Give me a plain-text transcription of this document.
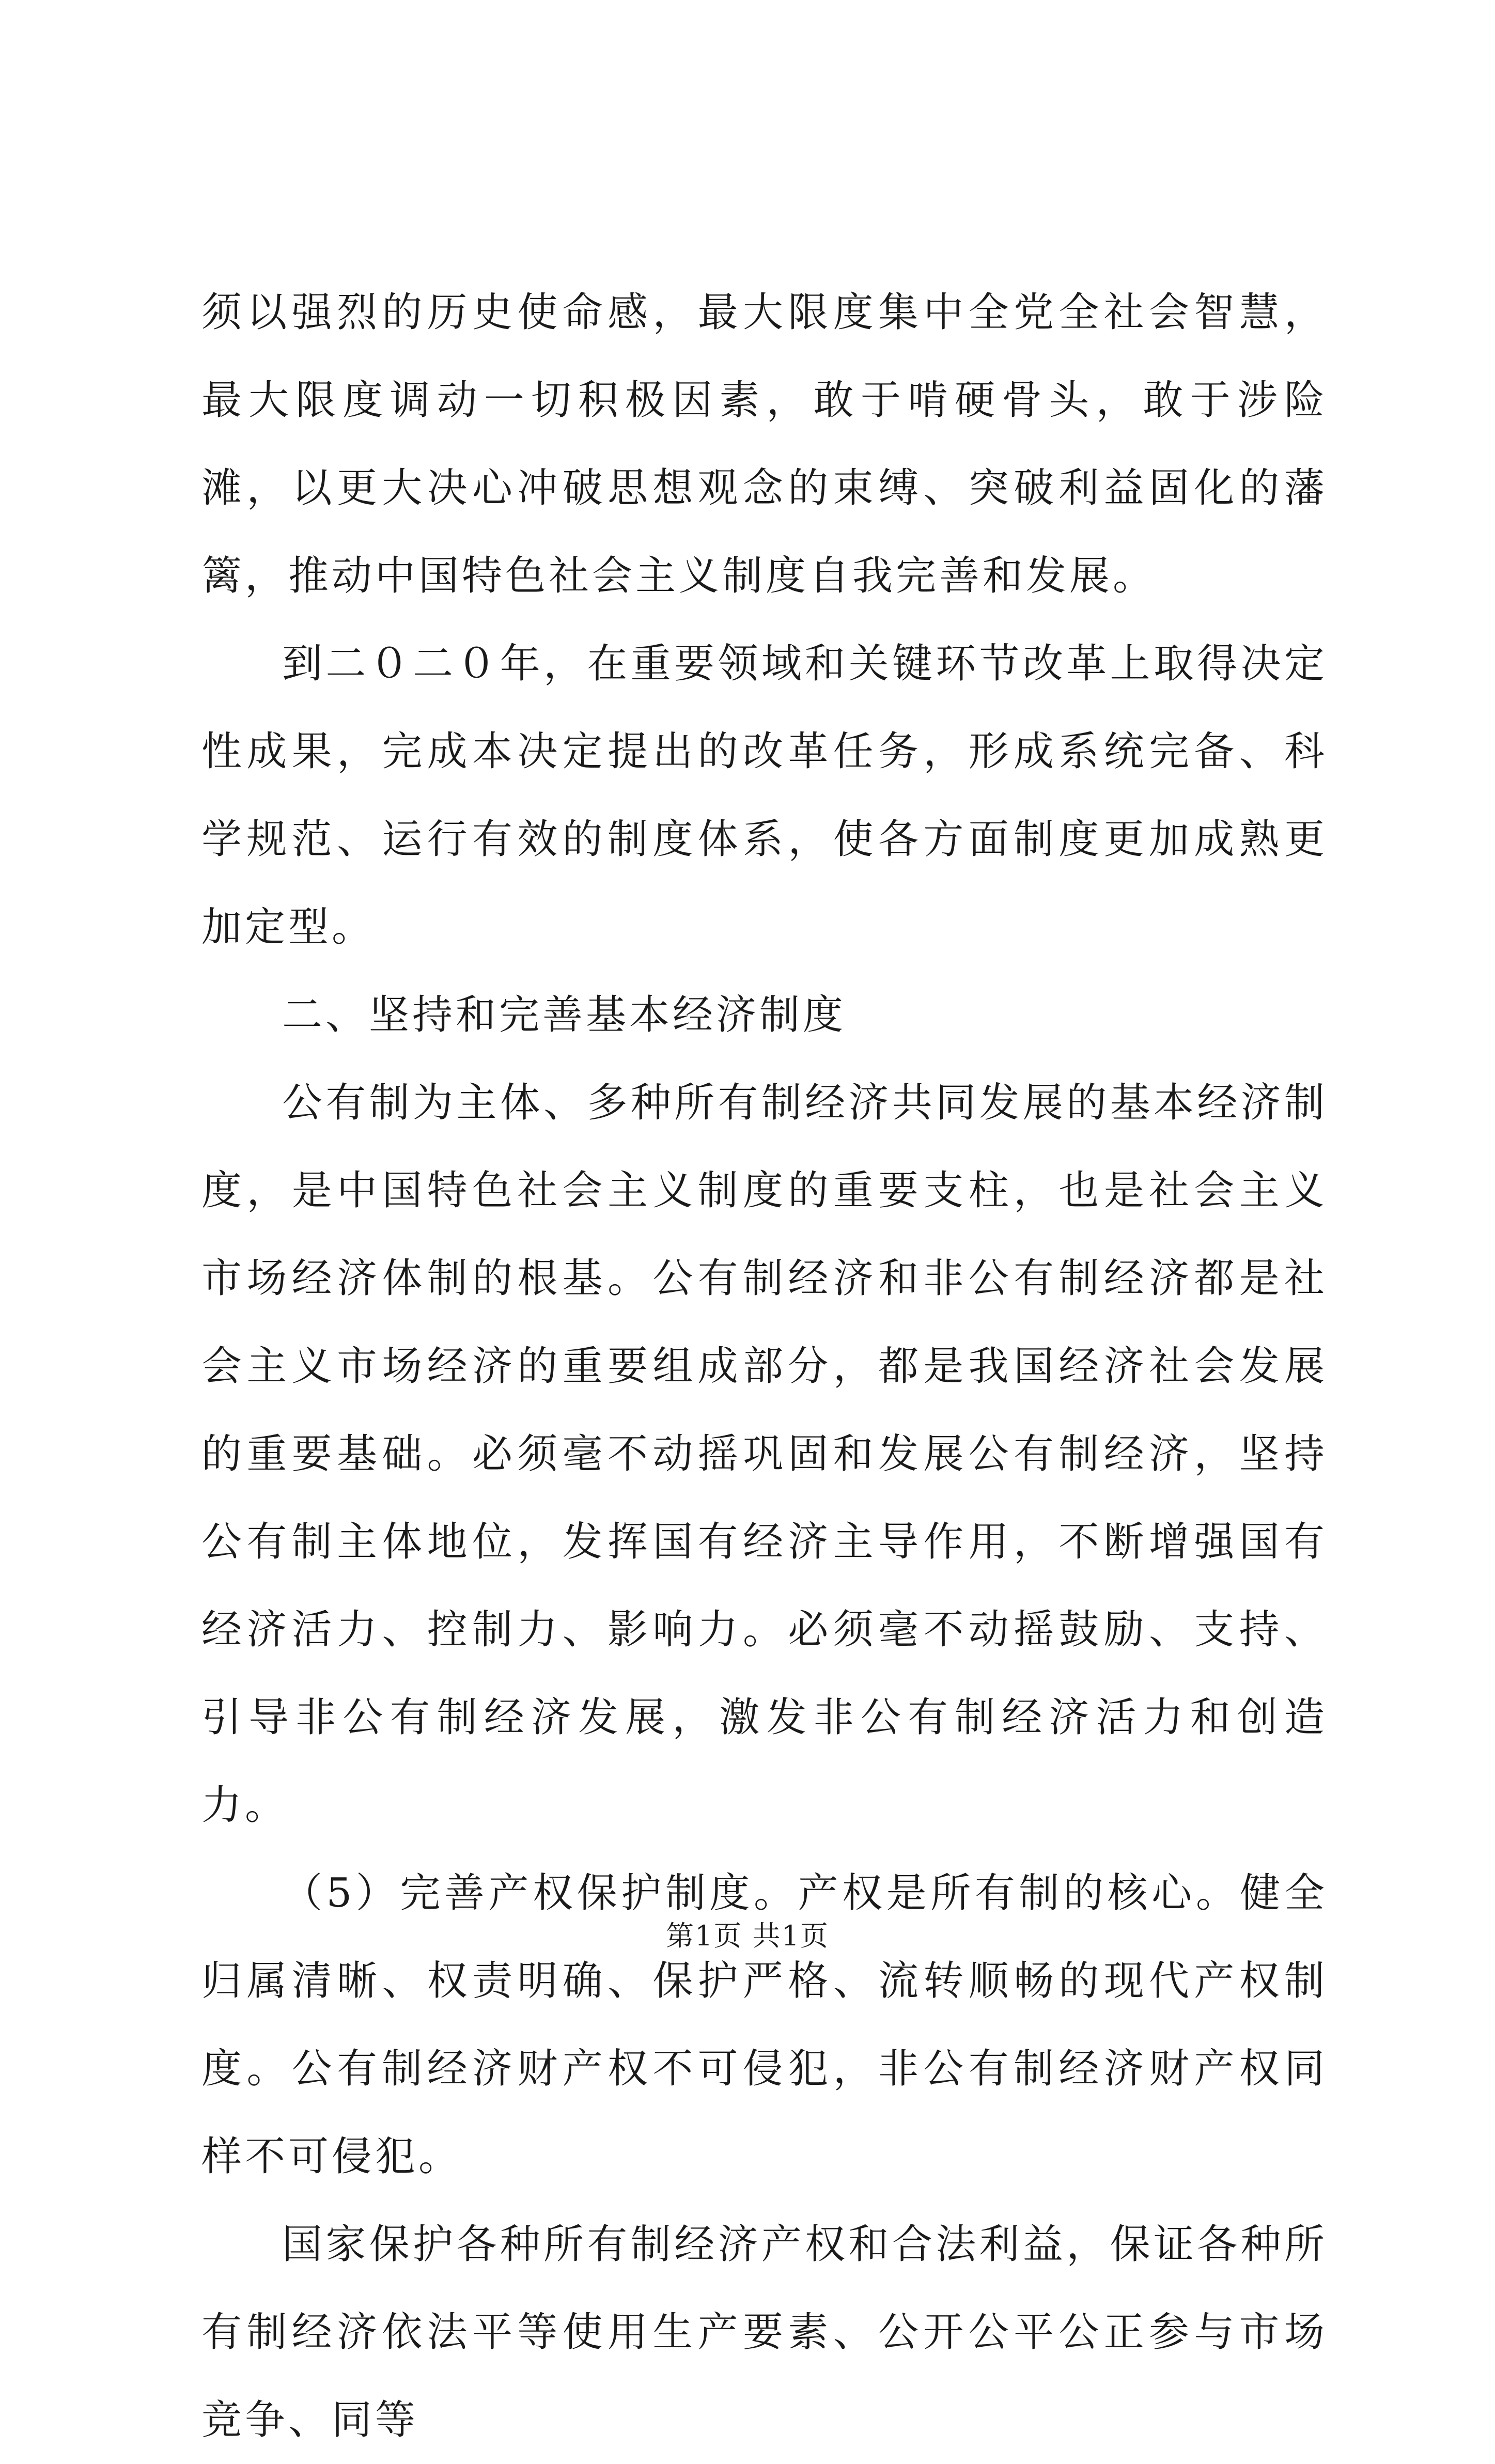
须以强烈的历史使命感，最大限度集中全党全社会智慧，最大限度调动一切积极因素，敢于啃硬骨头，敢于涉险滩，以更大决心冲破思想观念的束缚、突破利益固化的藩篱，推动中国特色社会主义制度自我完善和发展。

到二０二０年，在重要领域和关键环节改革上取得决定性成果，完成本决定提出的改革任务，形成系统完备、科学规范、运行有效的制度体系，使各方面制度更加成熟更加定型。

二、坚持和完善基本经济制度

公有制为主体、多种所有制经济共同发展的基本经济制度，是中国特色社会主义制度的重要支柱，也是社会主义市场经济体制的根基。公有制经济和非公有制经济都是社会主义市场经济的重要组成部分，都是我国经济社会发展的重要基础。必须毫不动摇巩固和发展公有制经济，坚持公有制主体地位，发挥国有经济主导作用，不断增强国有经济活力、控制力、影响力。必须毫不动摇鼓励、支持、引导非公有制经济发展，激发非公有制经济活力和创造力。

（5）完善产权保护制度。产权是所有制的核心。健全归属清晰、权责明确、保护严格、流转顺畅的现代产权制度。公有制经济财产权不可侵犯，非公有制经济财产权同样不可侵犯。

国家保护各种所有制经济产权和合法利益，保证各种所有制经济依法平等使用生产要素、公开公平公正参与市场竞争、同等

第1页 共1页
